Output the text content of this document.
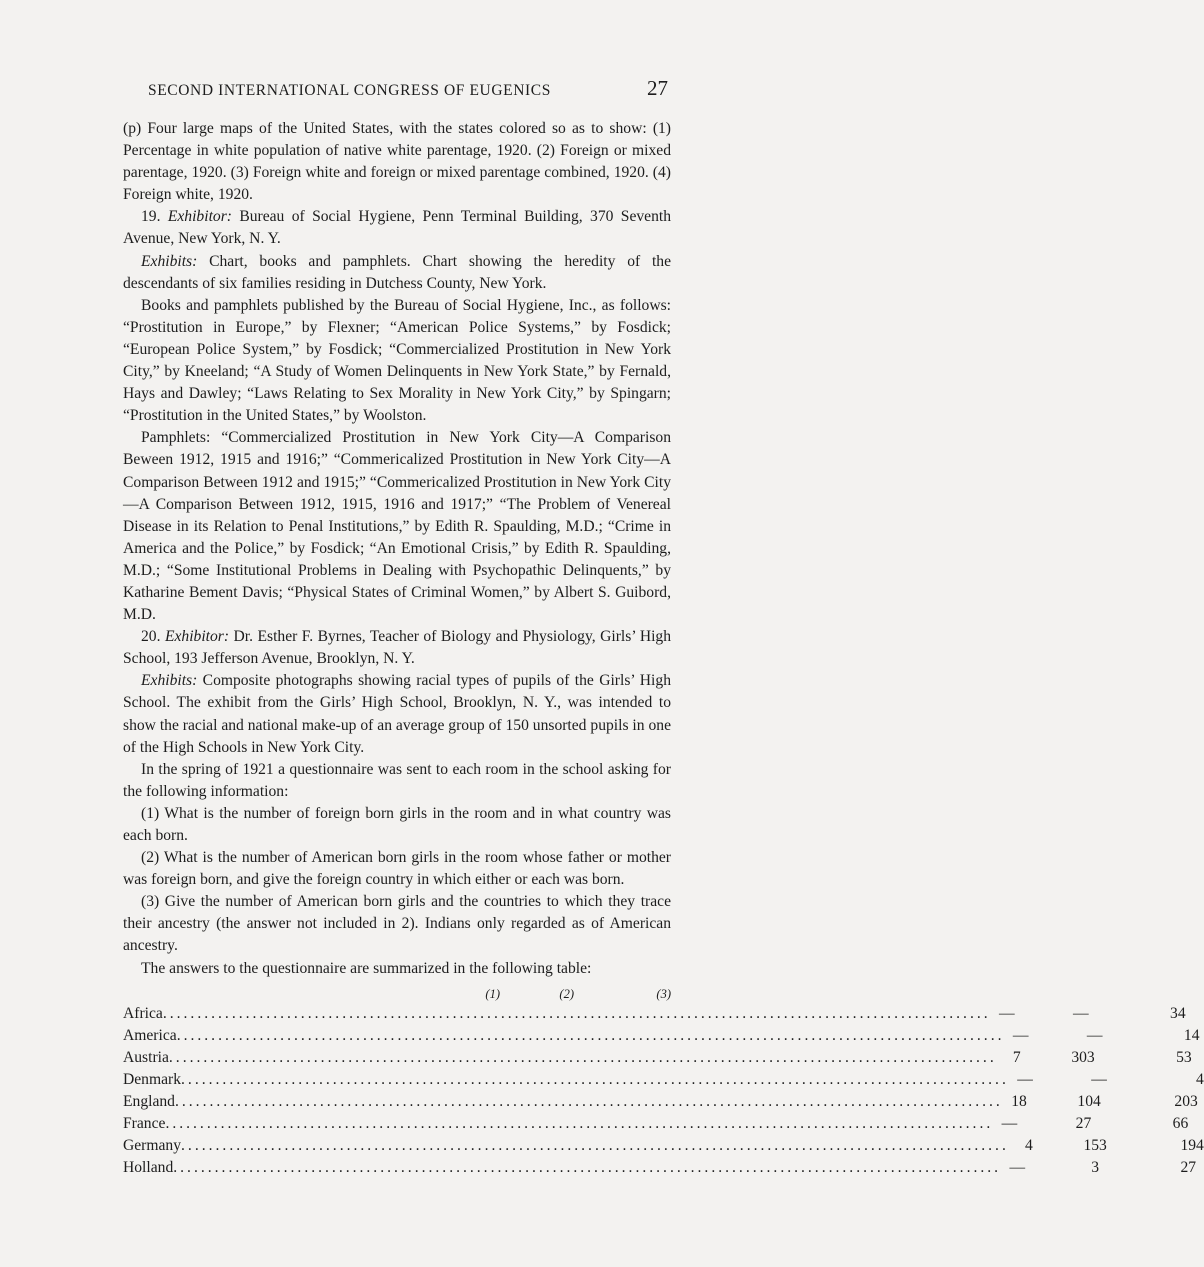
SECOND INTERNATIONAL CONGRESS OF EUGENICS	27

(p) Four large maps of the United States, with the states colored so as to show: (1) Percentage in white population of native white parentage, 1920. (2) Foreign or mixed parentage, 1920. (3) Foreign white and foreign or mixed parentage combined, 1920. (4) Foreign white, 1920.

19. Exhibitor: Bureau of Social Hygiene, Penn Terminal Building, 370 Seventh Avenue, New York, N. Y.

Exhibits: Chart, books and pamphlets. Chart showing the heredity of the descendants of six families residing in Dutchess County, New York.

Books and pamphlets published by the Bureau of Social Hygiene, Inc., as follows: “Prostitution in Europe,” by Flexner; “American Police Systems,” by Fosdick; “European Police System,” by Fosdick; “Commercialized Prostitution in New York City,” by Kneeland; “A Study of Women Delinquents in New York State,” by Fernald, Hays and Dawley; “Laws Relating to Sex Morality in New York City,” by Spingarn; “Prostitution in the United States,” by Woolston.

Pamphlets: “Commercialized Prostitution in New York City—A Comparison Beween 1912, 1915 and 1916;” “Commericalized Prostitution in New York City—A Comparison Between 1912 and 1915;” “Commericalized Prostitution in New York City—A Comparison Between 1912, 1915, 1916 and 1917;” “The Problem of Venereal Disease in its Relation to Penal Institutions,” by Edith R. Spaulding, M.D.; “Crime in America and the Police,” by Fosdick; “An Emotional Crisis,” by Edith R. Spaulding, M.D.; “Some Institutional Problems in Dealing with Psychopathic Delinquents,” by Katharine Bement Davis; “Physical States of Criminal Women,” by Albert S. Guibord, M.D.

20. Exhibitor: Dr. Esther F. Byrnes, Teacher of Biology and Physiology, Girls’ High School, 193 Jefferson Avenue, Brooklyn, N. Y.

Exhibits: Composite photographs showing racial types of pupils of the Girls’ High School. The exhibit from the Girls’ High School, Brooklyn, N. Y., was intended to show the racial and national make-up of an average group of 150 unsorted pupils in one of the High Schools in New York City.

In the spring of 1921 a questionnaire was sent to each room in the school asking for the following information:

(1) What is the number of foreign born girls in the room and in what country was each born.

(2) What is the number of American born girls in the room whose father or mother was foreign born, and give the foreign country in which either or each was born.

(3) Give the number of American born girls and the countries to which they trace their ancestry (the answer not included in 2). Indians only regarded as of American ancestry.

The answers to the questionnaire are summarized in the following table:

(1)	(2)	(3)
Africa ........................................................................................................................ —	—	34
America ........................................................................................................................ —	—	14
Austria ........................................................................................................................	7	303	53
Denmark ........................................................................................................................ —	—	4
England ........................................................................................................................ 18	104	203
France ........................................................................................................................ —	27	66
Germany ........................................................................................................................	4	153	194
Holland ........................................................................................................................ —	3	27
